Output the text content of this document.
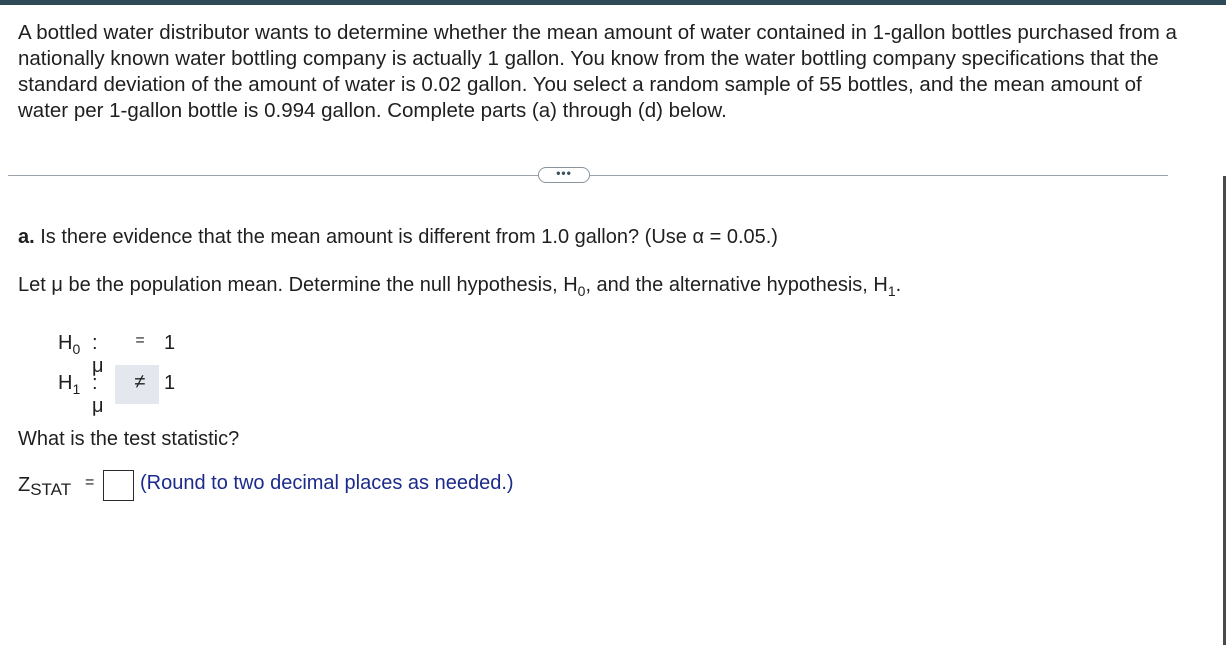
A bottled water distributor wants to determine whether the mean amount of water contained in 1-gallon bottles purchased from a nationally known water bottling company is actually 1 gallon. You know from the water bottling company specifications that the standard deviation of the amount of water is 0.02 gallon. You select a random sample of 55 bottles, and the mean amount of water per 1-gallon bottle is 0.994 gallon. Complete parts (a) through (d) below.

•••

a. Is there evidence that the mean amount is different from 1.0 gallon? (Use α = 0.05.)

Let μ be the population mean. Determine the null hypothesis, $H_0$, and the alternative hypothesis, $H_1$.

$H_0$ : μ
= 1
$H_1$ : μ
≠ 1

What is the test statistic?

$Z_{STAT}$ = (Round to two decimal places as needed.)
